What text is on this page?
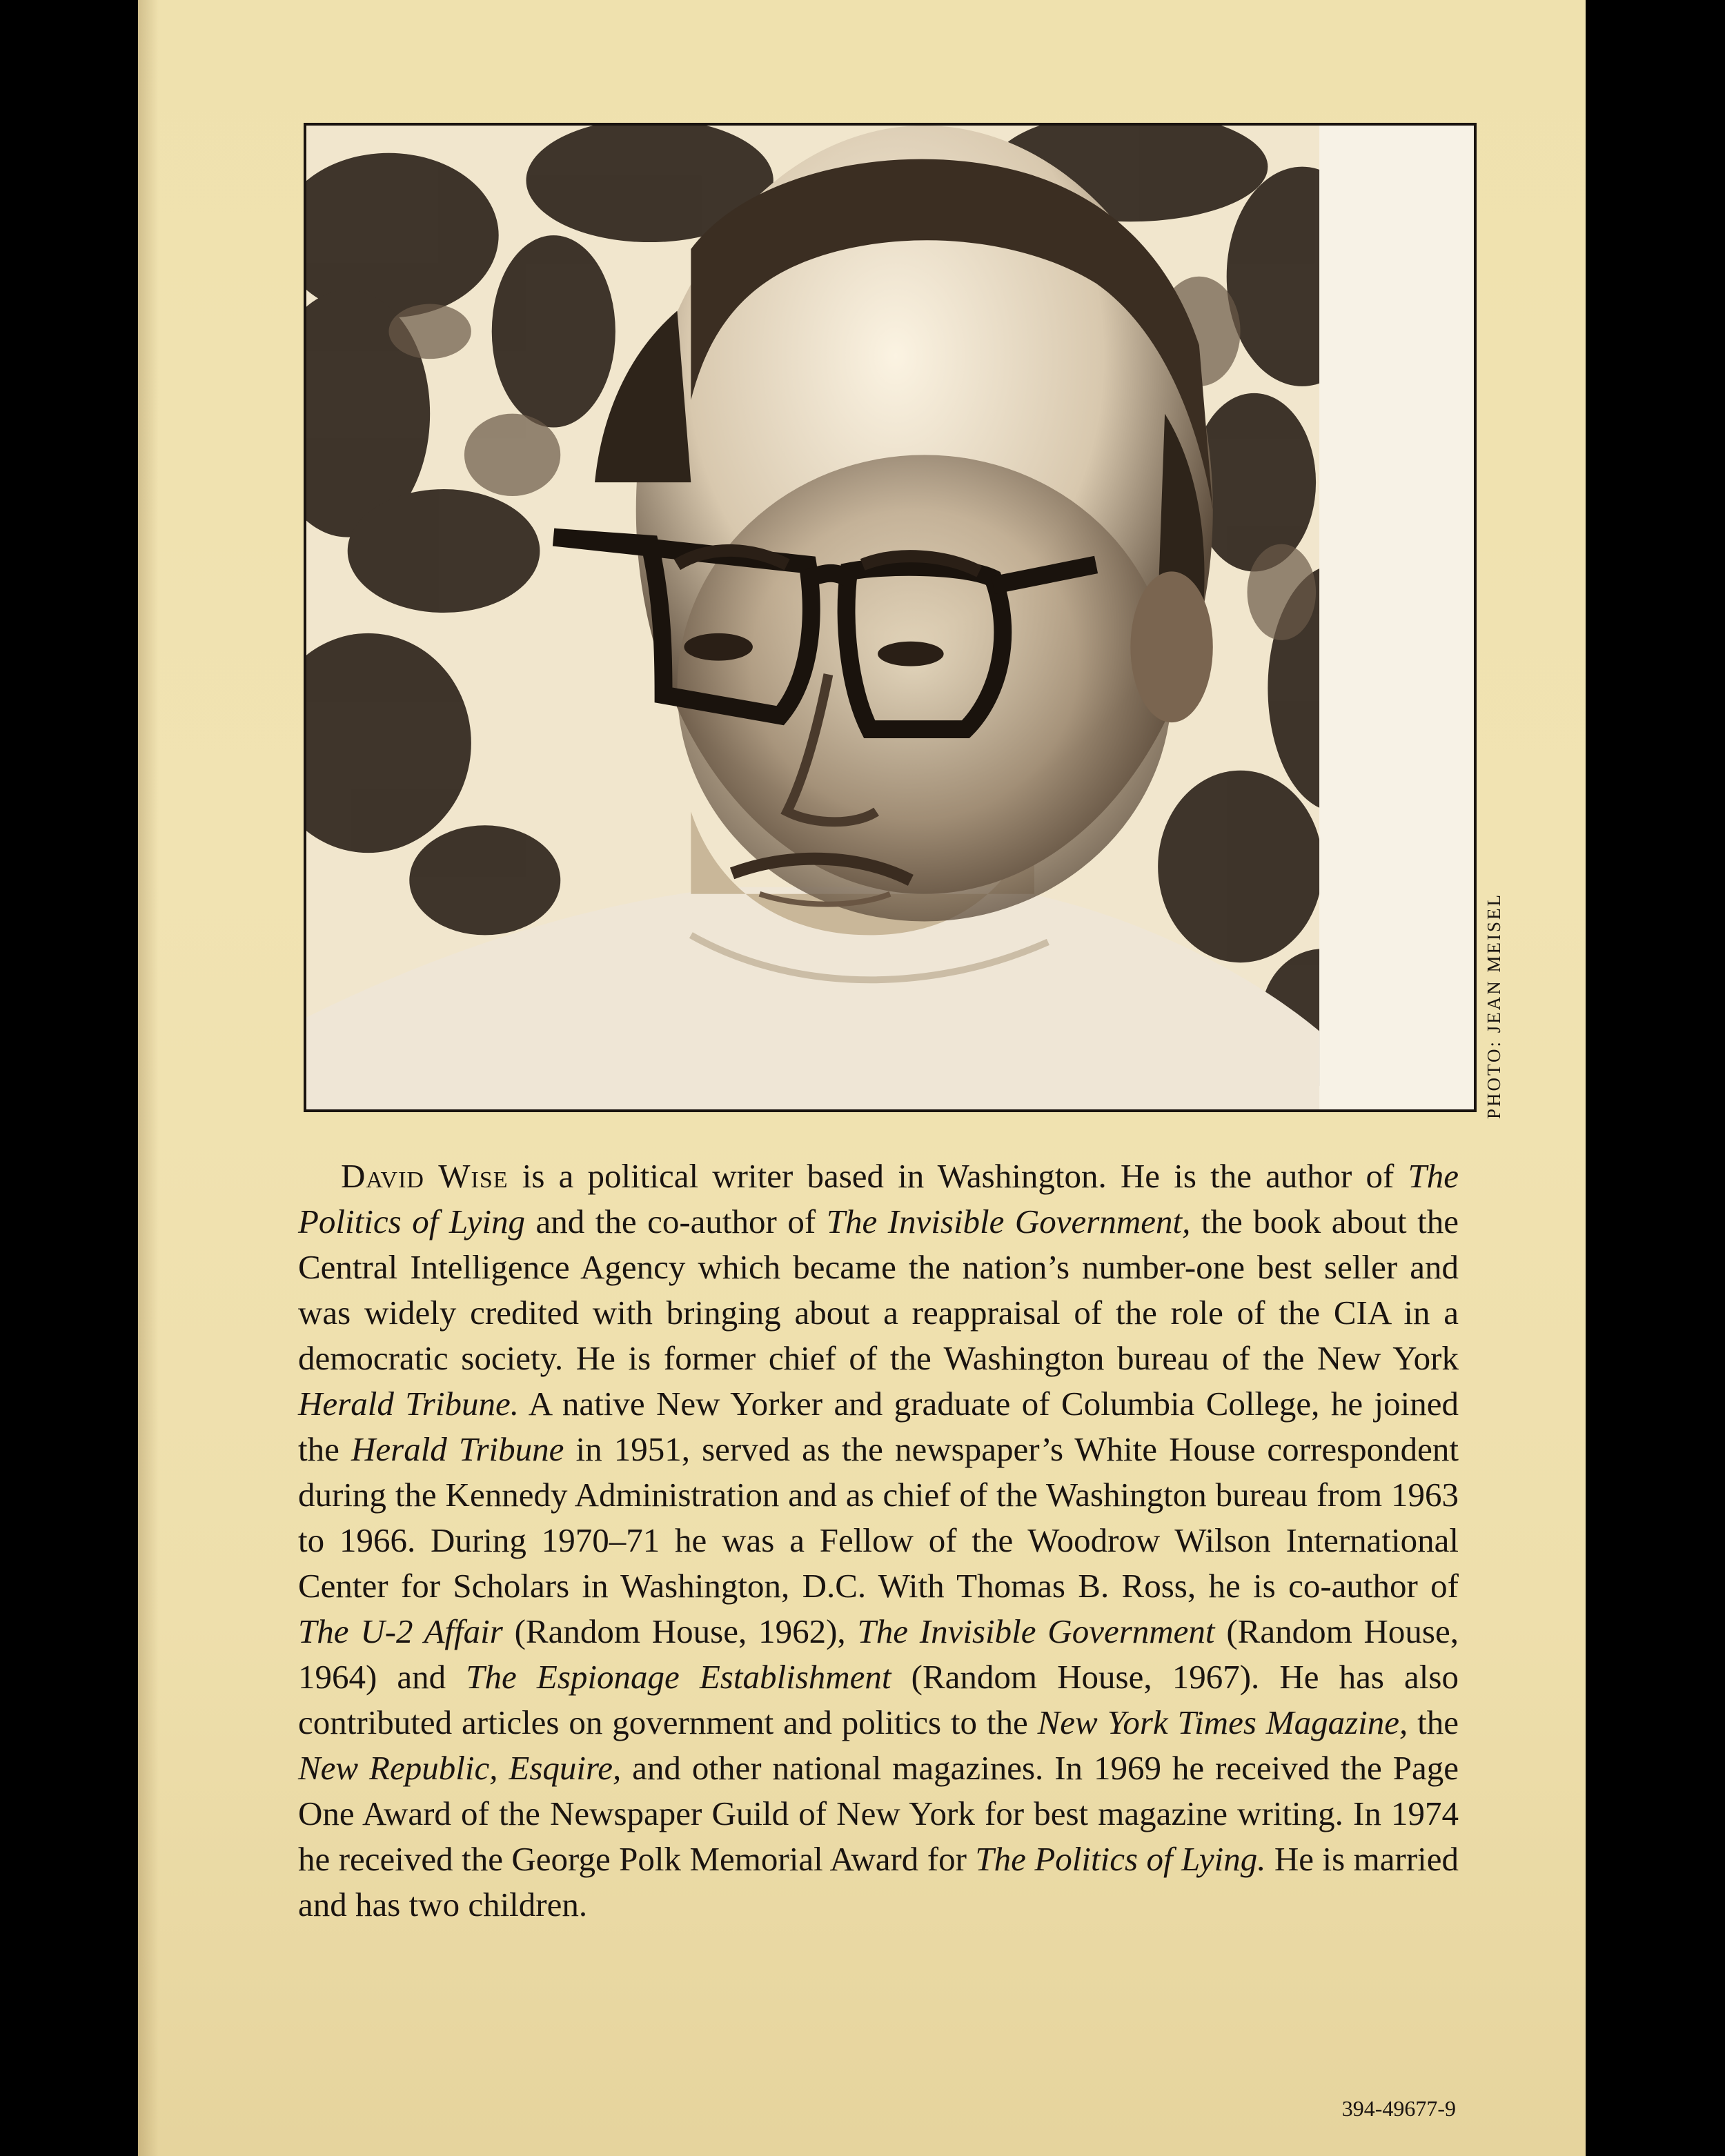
PHOTO: JEAN MEISEL
David Wise is a political writer based in Washington. He is the author of The Politics of Lying and the co-author of The Invisible Government, the book about the Central Intelligence Agency which became the nation’s number-one best seller and was widely credited with bringing about a reappraisal of the role of the CIA in a democratic society. He is former chief of the Washington bureau of the New York Herald Tribune. A native New Yorker and graduate of Columbia College, he joined the Herald Tribune in 1951, served as the newspaper’s White House correspondent during the Kennedy Administration and as chief of the Washington bureau from 1963 to 1966. During 1970–71 he was a Fellow of the Woodrow Wilson International Center for Scholars in Washington, D.C. With Thomas B. Ross, he is co-author of The U-2 Affair (Random House, 1962), The Invisible Government (Random House, 1964) and The Espionage Establishment (Random House, 1967). He has also contributed articles on government and politics to the New York Times Magazine, the New Republic, Esquire, and other national magazines. In 1969 he received the Page One Award of the Newspaper Guild of New York for best magazine writing. In 1974 he received the George Polk Memorial Award for The Politics of Lying. He is married and has two children.
394-49677-9
